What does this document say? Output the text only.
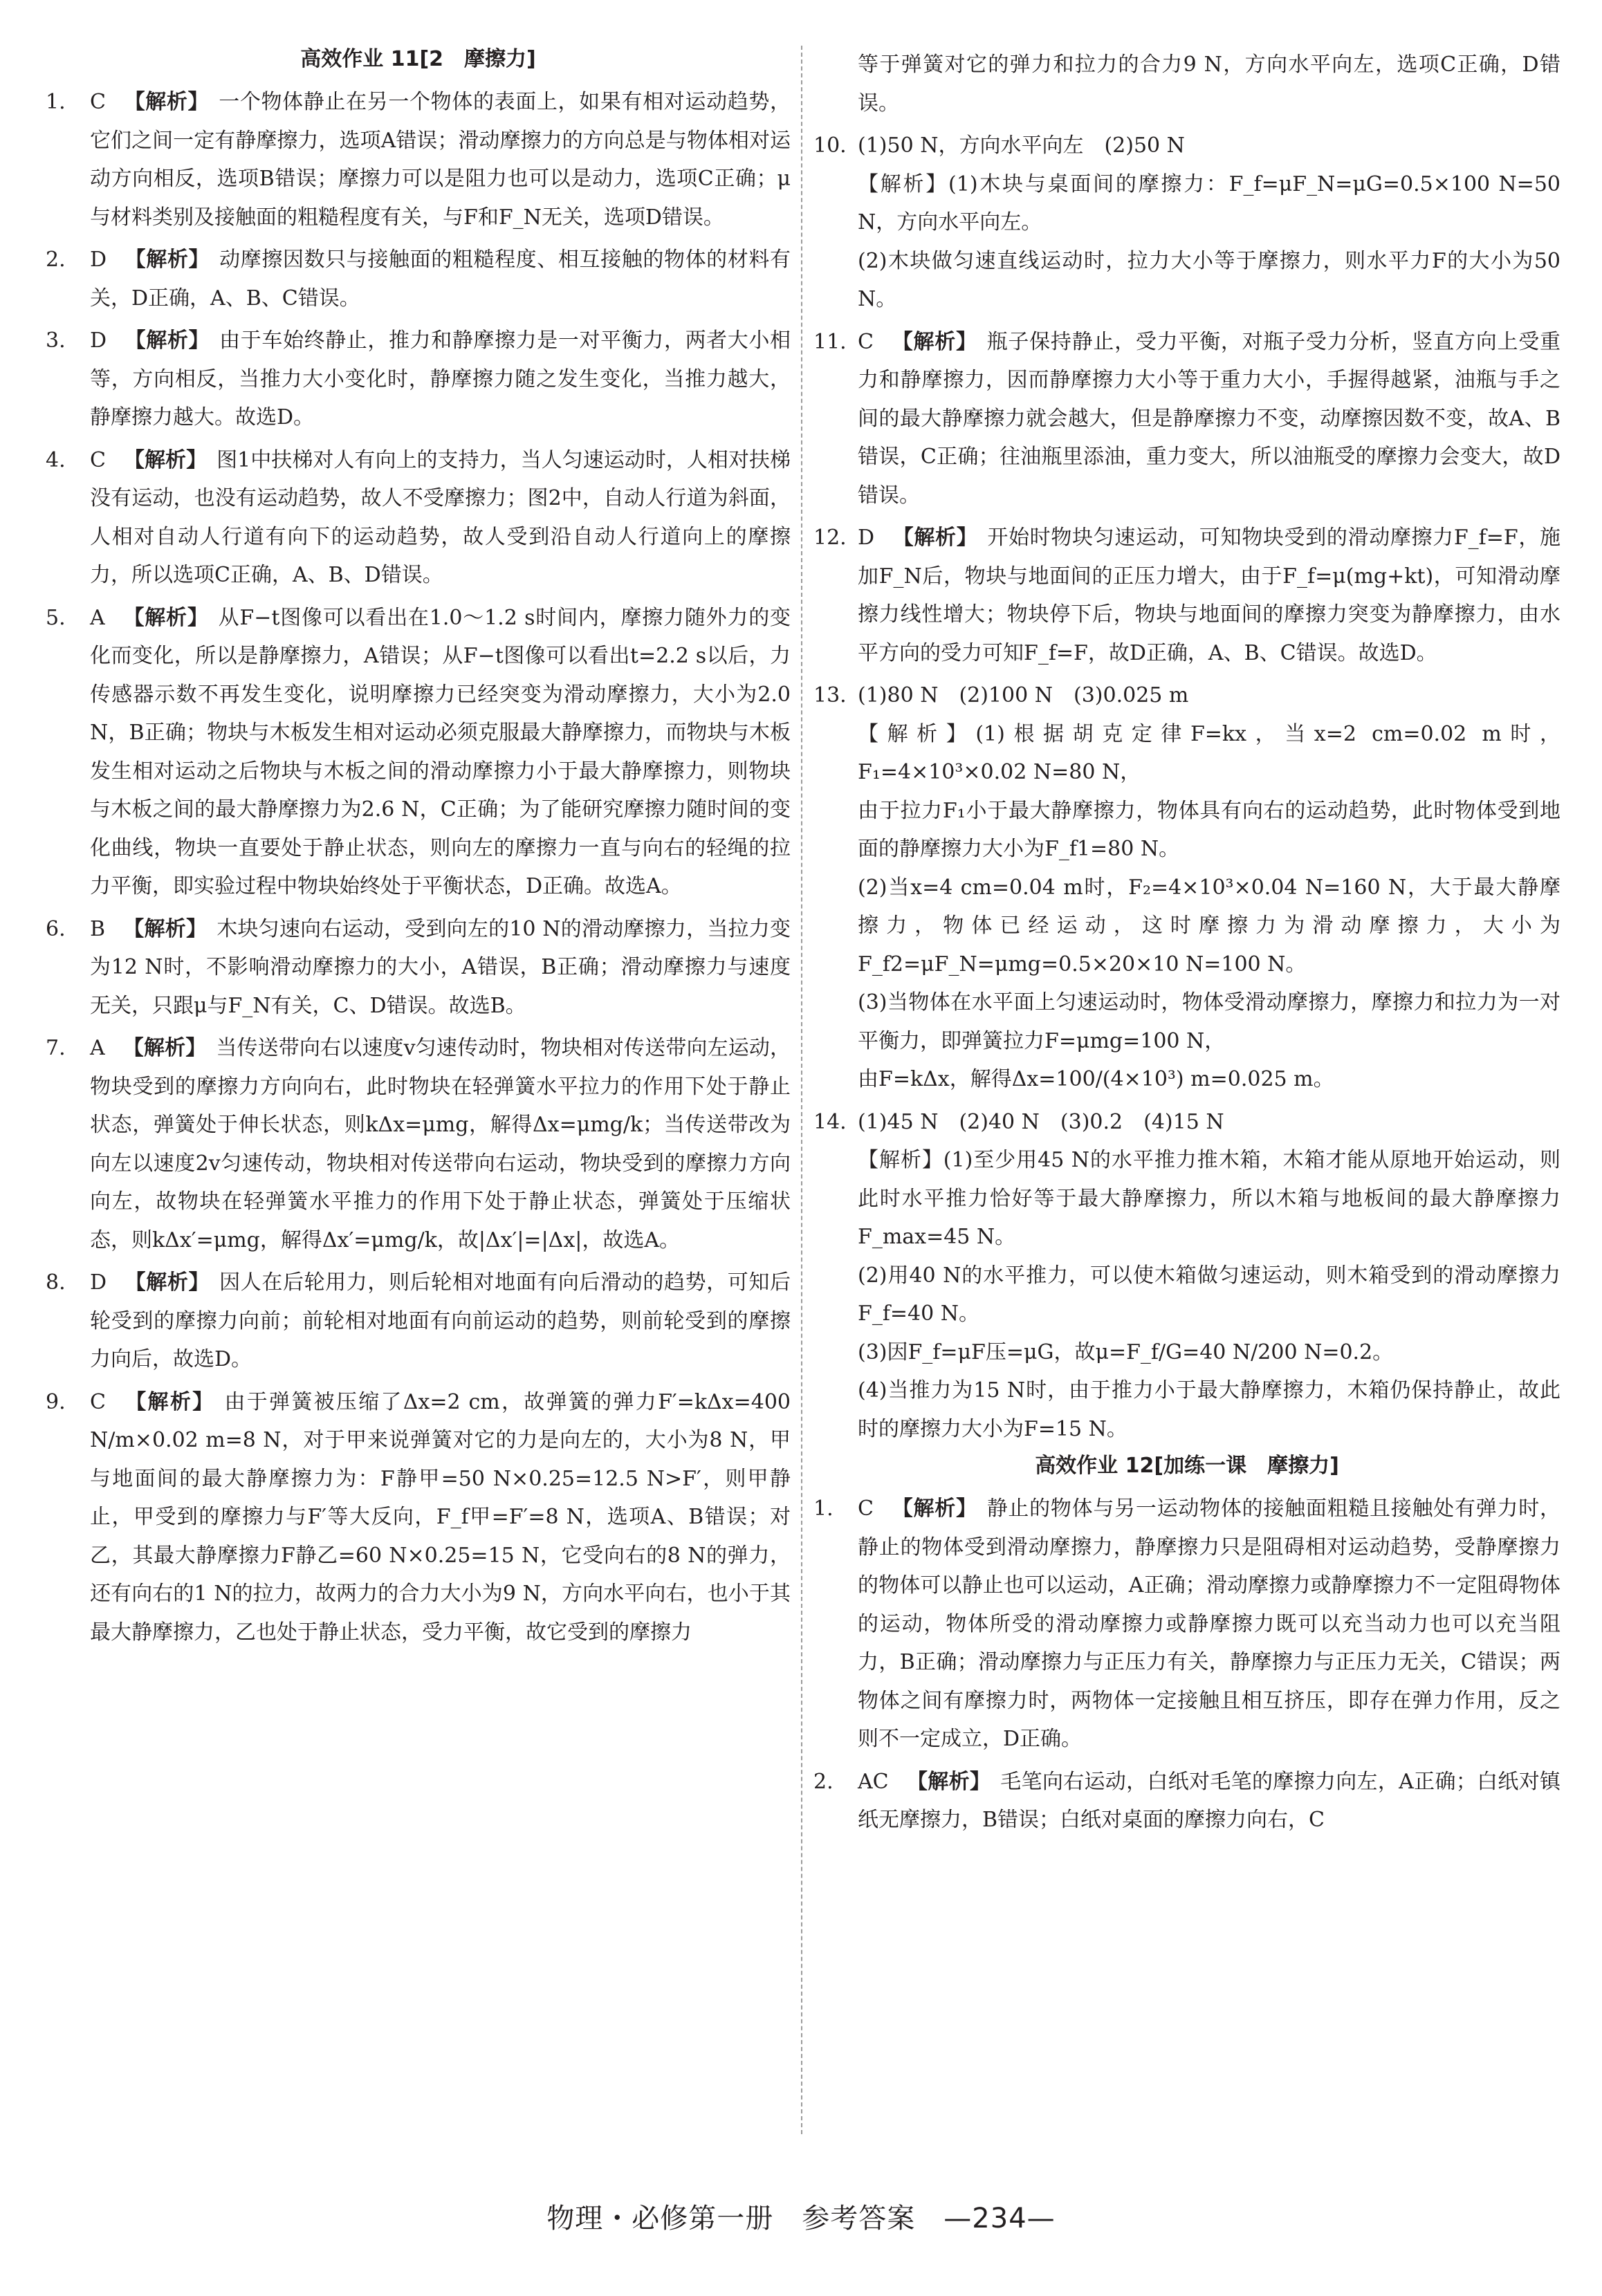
高效作业 11[2　摩擦力]
1.	C 【解析】 一个物体静止在另一个物体的表面上，如果有相对运动趋势，它们之间一定有静摩擦力，选项A错误；滑动摩擦力的方向总是与物体相对运动方向相反，选项B错误；摩擦力可以是阻力也可以是动力，选项C正确；μ与材料类别及接触面的粗糙程度有关，与F和F_N无关，选项D错误。
2.	D 【解析】 动摩擦因数只与接触面的粗糙程度、相互接触的物体的材料有关，D正确，A、B、C错误。
3.	D 【解析】 由于车始终静止，推力和静摩擦力是一对平衡力，两者大小相等，方向相反，当推力大小变化时，静摩擦力随之发生变化，当推力越大，静摩擦力越大。故选D。
4.	C 【解析】 图1中扶梯对人有向上的支持力，当人匀速运动时，人相对扶梯没有运动，也没有运动趋势，故人不受摩擦力；图2中，自动人行道为斜面，人相对自动人行道有向下的运动趋势，故人受到沿自动人行道向上的摩擦力，所以选项C正确，A、B、D错误。
5.	A 【解析】 从F−t图像可以看出在1.0～1.2 s时间内，摩擦力随外力的变化而变化，所以是静摩擦力，A错误；从F−t图像可以看出t=2.2 s以后，力传感器示数不再发生变化，说明摩擦力已经突变为滑动摩擦力，大小为2.0 N，B正确；物块与木板发生相对运动必须克服最大静摩擦力，而物块与木板发生相对运动之后物块与木板之间的滑动摩擦力小于最大静摩擦力，则物块与木板之间的最大静摩擦力为2.6 N，C正确；为了能研究摩擦力随时间的变化曲线，物块一直要处于静止状态，则向左的摩擦力一直与向右的轻绳的拉力平衡，即实验过程中物块始终处于平衡状态，D正确。故选A。
6.	B 【解析】 木块匀速向右运动，受到向左的10 N的滑动摩擦力，当拉力变为12 N时，不影响滑动摩擦力的大小，A错误，B正确；滑动摩擦力与速度无关，只跟μ与F_N有关，C、D错误。故选B。
7.	A 【解析】 当传送带向右以速度v匀速传动时，物块相对传送带向左运动，物块受到的摩擦力方向向右，此时物块在轻弹簧水平拉力的作用下处于静止状态，弹簧处于伸长状态，则kΔx=μmg，解得Δx=μmg/k；当传送带改为向左以速度2v匀速传动，物块相对传送带向右运动，物块受到的摩擦力方向向左，故物块在轻弹簧水平推力的作用下处于静止状态，弹簧处于压缩状态，则kΔx′=μmg，解得Δx′=μmg/k，故|Δx′|=|Δx|，故选A。
8.	D 【解析】 因人在后轮用力，则后轮相对地面有向后滑动的趋势，可知后轮受到的摩擦力向前；前轮相对地面有向前运动的趋势，则前轮受到的摩擦力向后，故选D。
9.	C 【解析】 由于弹簧被压缩了Δx=2 cm，故弹簧的弹力F′=kΔx=400 N/m×0.02 m=8 N，对于甲来说弹簧对它的力是向左的，大小为8 N，甲与地面间的最大静摩擦力为：F静甲=50 N×0.25=12.5 N>F′，则甲静止，甲受到的摩擦力与F′等大反向，F_f甲=F′=8 N，选项A、B错误；对乙，其最大静摩擦力F静乙=60 N×0.25=15 N，它受向右的8 N的弹力，还有向右的1 N的拉力，故两力的合力大小为9 N，方向水平向右，也小于其最大静摩擦力，乙也处于静止状态，受力平衡，故它受到的摩擦力
等于弹簧对它的弹力和拉力的合力9 N，方向水平向左，选项C正确，D错误。
10. (1)50 N，方向水平向左　(2)50 N
【解析】(1)木块与桌面间的摩擦力：F_f=μF_N=μG=0.5×100 N=50 N，方向水平向左。
(2)木块做匀速直线运动时，拉力大小等于摩擦力，则水平力F的大小为50 N。
11. C 【解析】 瓶子保持静止，受力平衡，对瓶子受力分析，竖直方向上受重力和静摩擦力，因而静摩擦力大小等于重力大小，手握得越紧，油瓶与手之间的最大静摩擦力就会越大，但是静摩擦力不变，动摩擦因数不变，故A、B错误，C正确；往油瓶里添油，重力变大，所以油瓶受的摩擦力会变大，故D错误。
12. D 【解析】 开始时物块匀速运动，可知物块受到的滑动摩擦力F_f=F，施加F_N后，物块与地面间的正压力增大，由于F_f=μ(mg+kt)，可知滑动摩擦力线性增大；物块停下后，物块与地面间的摩擦力突变为静摩擦力，由水平方向的受力可知F_f=F，故D正确，A、B、C错误。故选D。
13. (1)80 N　(2)100 N　(3)0.025 m
【解析】(1)根据胡克定律F=kx，当x=2 cm=0.02 m时，F₁=4×10³×0.02 N=80 N，
由于拉力F₁小于最大静摩擦力，物体具有向右的运动趋势，此时物体受到地面的静摩擦力大小为F_f1=80 N。
(2)当x=4 cm=0.04 m时，F₂=4×10³×0.04 N=160 N，大于最大静摩擦力，物体已经运动，这时摩擦力为滑动摩擦力，大小为F_f2=μF_N=μmg=0.5×20×10 N=100 N。
(3)当物体在水平面上匀速运动时，物体受滑动摩擦力，摩擦力和拉力为一对平衡力，即弹簧拉力F=μmg=100 N，
由F=kΔx，解得Δx=100/(4×10³) m=0.025 m。
14. (1)45 N　(2)40 N　(3)0.2　(4)15 N
【解析】(1)至少用45 N的水平推力推木箱，木箱才能从原地开始运动，则此时水平推力恰好等于最大静摩擦力，所以木箱与地板间的最大静摩擦力F_max=45 N。
(2)用40 N的水平推力，可以使木箱做匀速运动，则木箱受到的滑动摩擦力F_f=40 N。
(3)因F_f=μF压=μG，故μ=F_f/G=40 N/200 N=0.2。
(4)当推力为15 N时，由于推力小于最大静摩擦力，木箱仍保持静止，故此时的摩擦力大小为F=15 N。
高效作业 12[加练一课　摩擦力]
1.	C 【解析】 静止的物体与另一运动物体的接触面粗糙且接触处有弹力时，静止的物体受到滑动摩擦力，静摩擦力只是阻碍相对运动趋势，受静摩擦力的物体可以静止也可以运动，A正确；滑动摩擦力或静摩擦力不一定阻碍物体的运动，物体所受的滑动摩擦力或静摩擦力既可以充当动力也可以充当阻力，B正确；滑动摩擦力与正压力有关，静摩擦力与正压力无关，C错误；两物体之间有摩擦力时，两物体一定接触且相互挤压，即存在弹力作用，反之则不一定成立，D正确。
2.	AC 【解析】 毛笔向右运动，白纸对毛笔的摩擦力向左，A正确；白纸对镇纸无摩擦力，B错误；白纸对桌面的摩擦力向右，C
物理・必修第一册　参考答案　—234—
